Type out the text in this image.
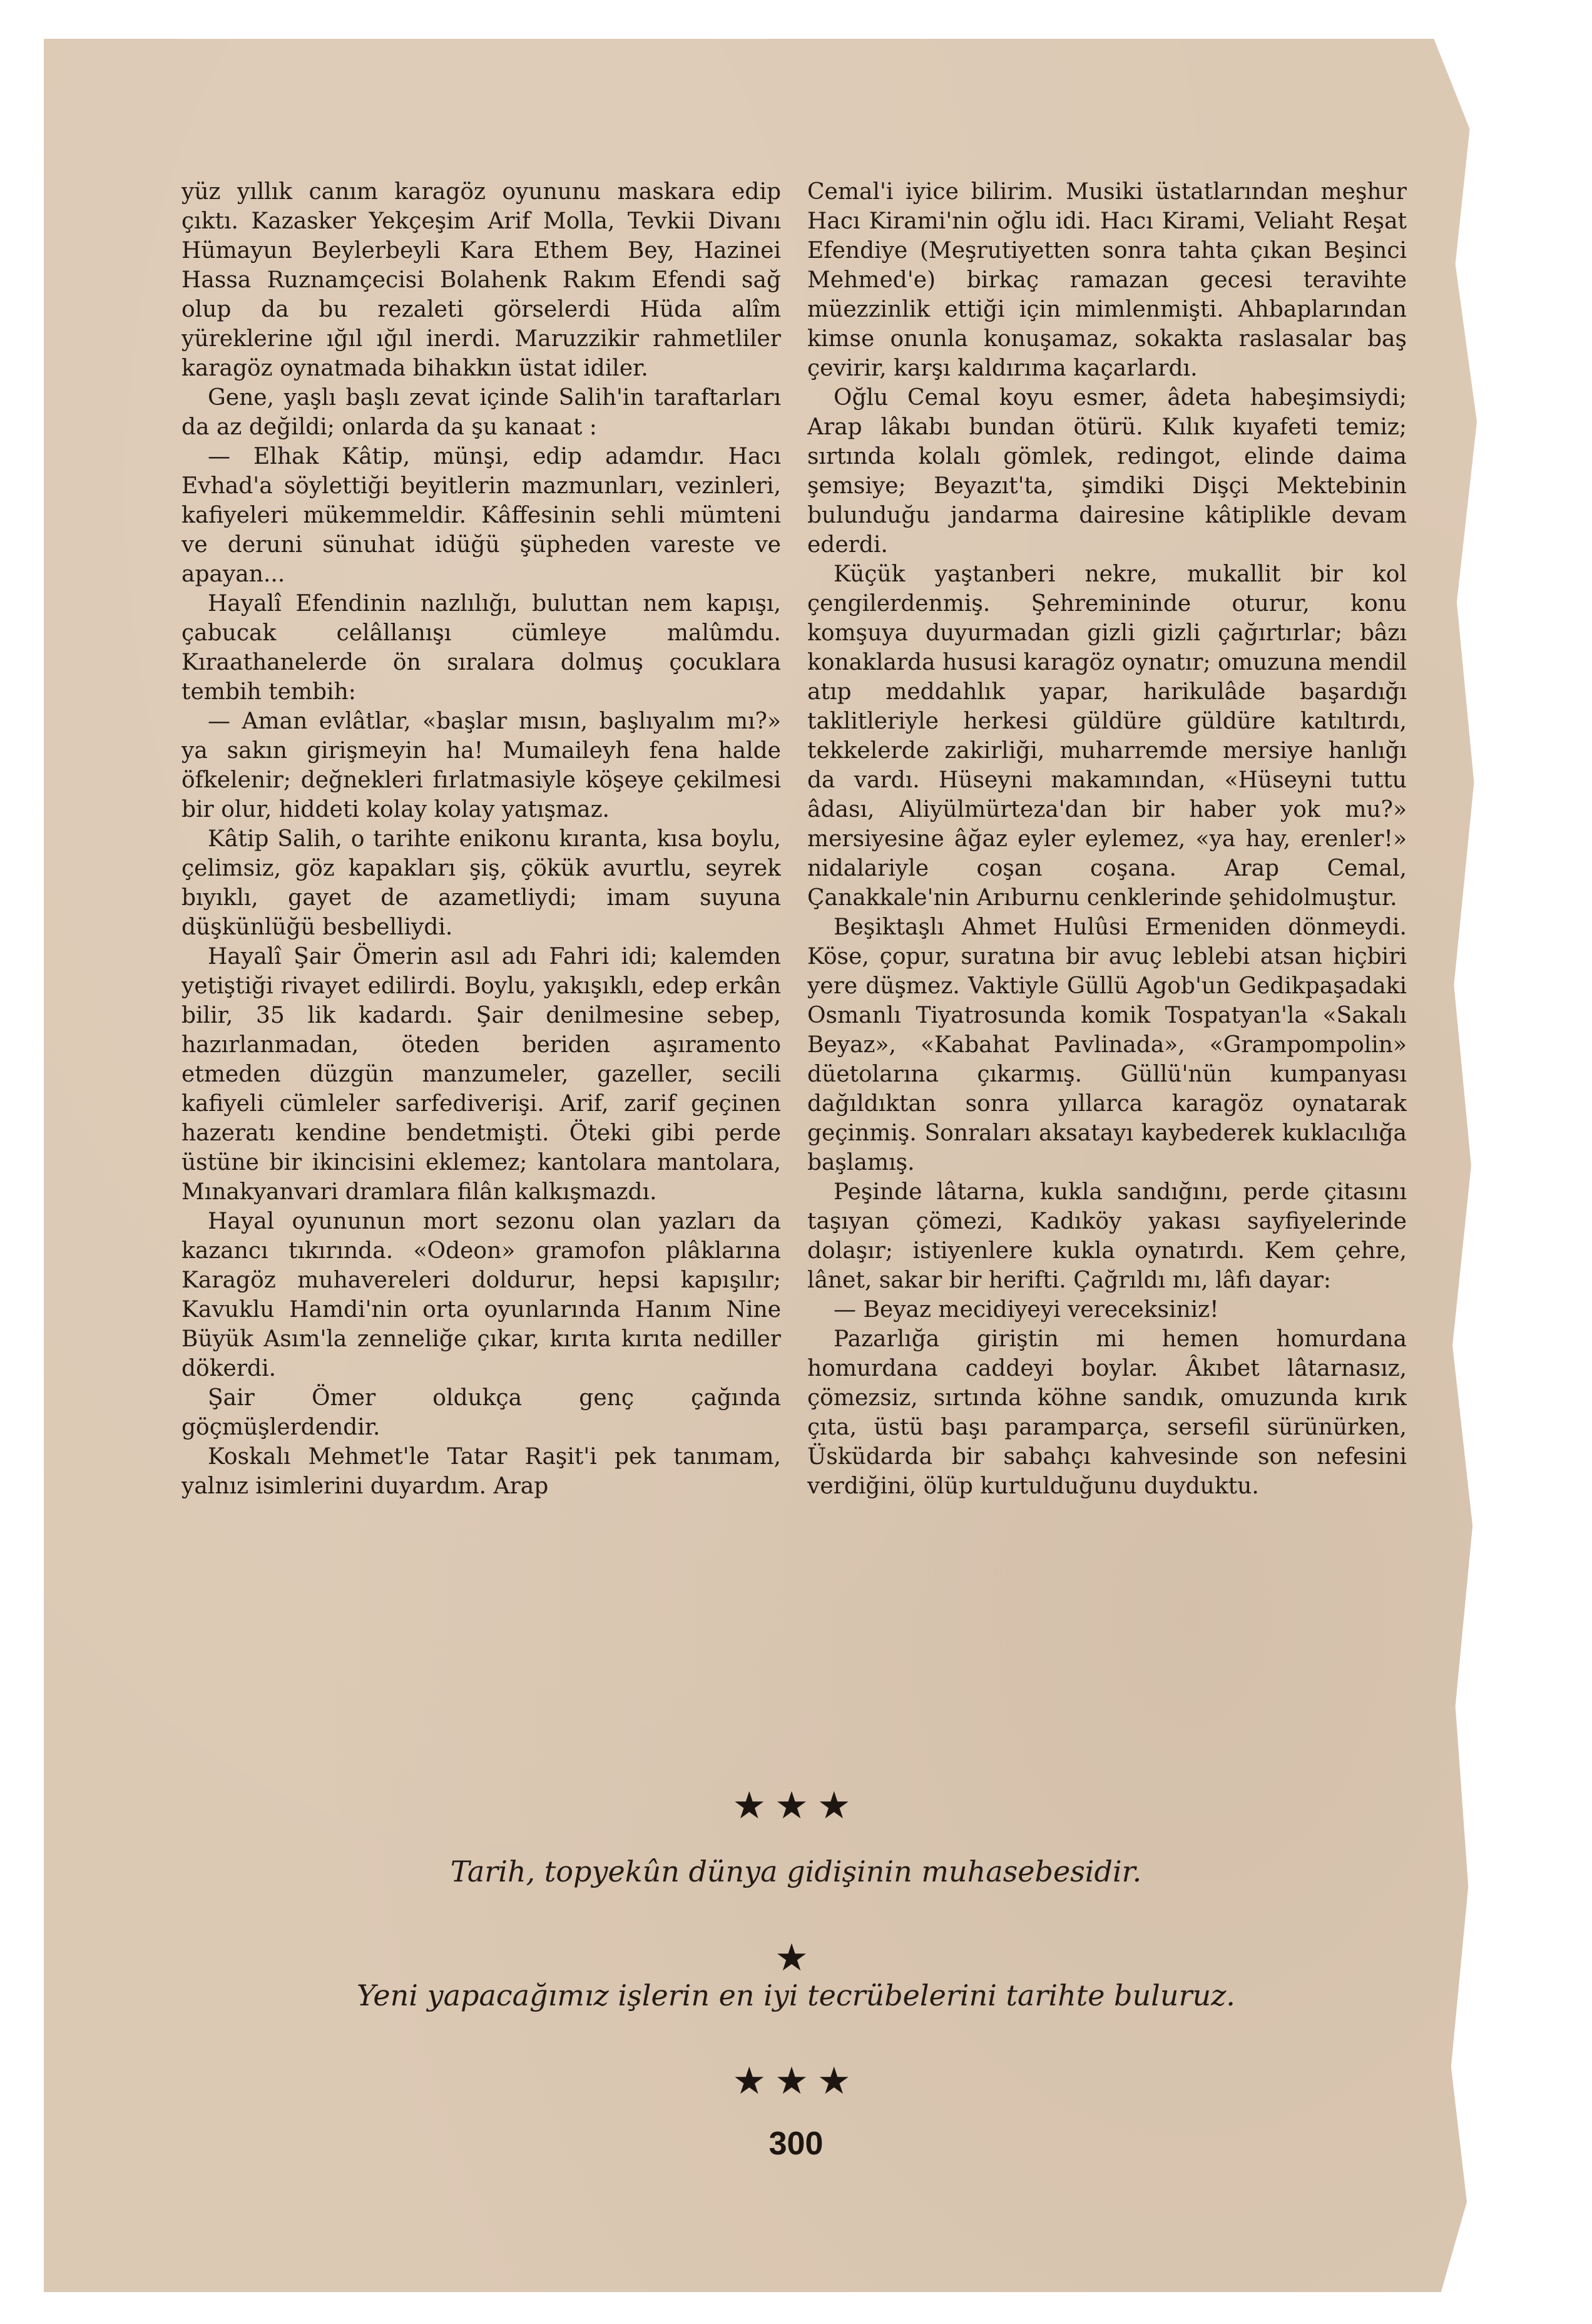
yüz yıllık canım karagöz oyununu maskara edip çıktı. Kazasker Yekçeşim Arif Molla, Tevkii Divanı Hümayun Beylerbeyli Kara Ethem Bey, Hazinei Hassa Ruznamçecisi Bolahenk Rakım Efendi sağ olup da bu rezaleti görselerdi Hüda alîm yüreklerine ığıl ığıl inerdi. Maruzzikir rahmetliler karagöz oynatmada bihakkın üstat idiler.
Gene, yaşlı başlı zevat içinde Salih'in taraftarları da az değildi; onlarda da şu kanaat :
— Elhak Kâtip, münşi, edip adamdır. Hacı Evhad'a söylettiği beyitlerin mazmunları, vezinleri, kafiyeleri mükemmeldir. Kâffesinin sehli mümteni ve deruni sünuhat idüğü şüpheden vareste ve apayan...
Hayalî Efendinin nazlılığı, buluttan nem kapışı, çabucak celâllanışı cümleye malûmdu. Kıraathanelerde ön sıralara dolmuş çocuklara tembih tembih:
— Aman evlâtlar, «başlar mısın, başlıyalım mı?» ya sakın girişmeyin ha! Mumaileyh fena halde öfkelenir; değnekleri fırlatmasiyle köşeye çekilmesi bir olur, hiddeti kolay kolay yatışmaz.
Kâtip Salih, o tarihte enikonu kıranta, kısa boylu, çelimsiz, göz kapakları şiş, çökük avurtlu, seyrek bıyıklı, gayet de azametliydi; imam suyuna düşkünlüğü besbelliydi.
Hayalî Şair Ömerin asıl adı Fahri idi; kalemden yetiştiği rivayet edilirdi. Boylu, yakışıklı, edep erkân bilir, 35 lik kadardı. Şair denilmesine sebep, hazırlanmadan, öteden beriden aşıramento etmeden düzgün manzumeler, gazeller, secili kafiyeli cümleler sarfediverişi. Arif, zarif geçinen hazeratı kendine bendetmişti. Öteki gibi perde üstüne bir ikincisini eklemez; kantolara mantolara, Mınakyanvari dramlara filân kalkışmazdı.
Hayal oyununun mort sezonu olan yazları da kazancı tıkırında. «Odeon» gramofon plâklarına Karagöz muhavereleri doldurur, hepsi kapışılır; Kavuklu Hamdi'nin orta oyunlarında Hanım Nine Büyük Asım'la zenneliğe çıkar, kırıta kırıta nediller dökerdi.
Şair Ömer oldukça genç çağında göçmüşlerdendir.
Koskalı Mehmet'le Tatar Raşit'i pek tanımam, yalnız isimlerini duyardım. Arap
Cemal'i iyice bilirim. Musiki üstatlarından meşhur Hacı Kirami'nin oğlu idi. Hacı Kirami, Veliaht Reşat Efendiye (Meşrutiyetten sonra tahta çıkan Beşinci Mehmed'e) birkaç ramazan gecesi teravihte müezzinlik ettiği için mimlenmişti. Ahbaplarından kimse onunla konuşamaz, sokakta raslasalar baş çevirir, karşı kaldırıma kaçarlardı.
Oğlu Cemal koyu esmer, âdeta habeşimsiydi; Arap lâkabı bundan ötürü. Kılık kıyafeti temiz; sırtında kolalı gömlek, redingot, elinde daima şemsiye; Beyazıt'ta, şimdiki Dişçi Mektebinin bulunduğu jandarma dairesine kâtiplikle devam ederdi.
Küçük yaştanberi nekre, mukallit bir kol çengilerdenmiş. Şehremininde oturur, konu komşuya duyurmadan gizli gizli çağırtırlar; bâzı konaklarda hususi karagöz oynatır; omuzuna mendil atıp meddahlık yapar, harikulâde başardığı taklitleriyle herkesi güldüre güldüre katıltırdı, tekkelerde zakirliği, muharremde mersiye hanlığı da vardı. Hüseyni makamından, «Hüseyni tuttu âdası, Aliyülmürteza'dan bir haber yok mu?» mersiyesine âğaz eyler eylemez, «ya hay, erenler!» nidalariyle coşan coşana. Arap Cemal, Çanakkale'nin Arıburnu cenklerinde şehidolmuştur.
Beşiktaşlı Ahmet Hulûsi Ermeniden dönmeydi. Köse, çopur, suratına bir avuç leblebi atsan hiçbiri yere düşmez. Vaktiyle Güllü Agob'un Gedikpaşadaki Osmanlı Tiyatrosunda komik Tospatyan'la «Sakalı Beyaz», «Kabahat Pavlinada», «Grampompolin» düetolarına çıkarmış. Güllü'nün kumpanyası dağıldıktan sonra yıllarca karagöz oynatarak geçinmiş. Sonraları aksatayı kaybederek kuklacılığa başlamış.
Peşinde lâtarna, kukla sandığını, perde çitasını taşıyan çömezi, Kadıköy yakası sayfiyelerinde dolaşır; istiyenlere kukla oynatırdı. Kem çehre, lânet, sakar bir herifti. Çağrıldı mı, lâfı dayar:
— Beyaz mecidiyeyi vereceksiniz!
Pazarlığa giriştin mi hemen homurdana homurdana caddeyi boylar. Âkıbet lâtarnasız, çömezsiz, sırtında köhne sandık, omuzunda kırık çıta, üstü başı paramparça, sersefil sürünürken, Üsküdarda bir sabahçı kahvesinde son nefesini verdiğini, ölüp kurtulduğunu duyduktu.
★★★
Tarih, topyekûn dünya gidişinin muhasebesidir.
★
Yeni yapacağımız işlerin en iyi tecrübelerini tarihte buluruz.
★★★
300
